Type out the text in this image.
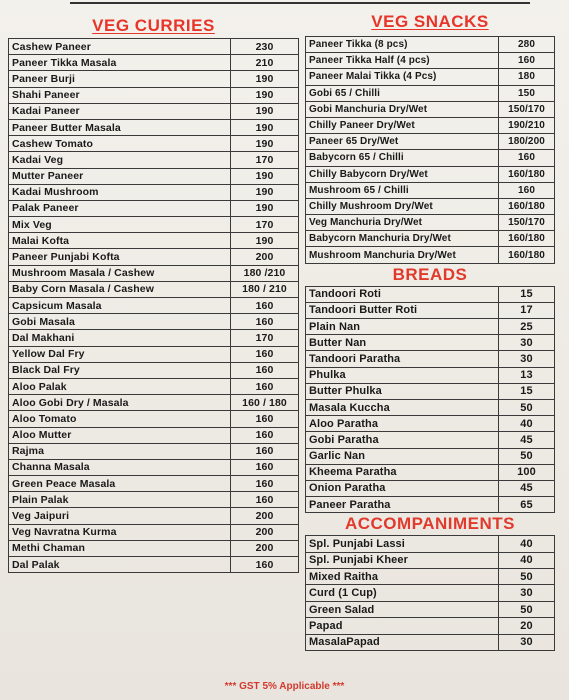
VEG CURRIES
Cashew Paneer	230
Paneer Tikka Masala	210
Paneer Burji	190
Shahi Paneer	190
Kadai Paneer	190
Paneer Butter Masala	190
Cashew Tomato	190
Kadai Veg	170
Mutter Paneer	190
Kadai Mushroom	190
Palak Paneer	190
Mix Veg	170
Malai Kofta	190
Paneer Punjabi Kofta	200
Mushroom Masala / Cashew	180 /210
Baby Corn Masala / Cashew	180 / 210
Capsicum Masala	160
Gobi Masala	160
Dal Makhani	170
Yellow Dal Fry	160
Black Dal Fry	160
Aloo Palak	160
Aloo Gobi Dry / Masala	160 / 180
Aloo Tomato	160
Aloo Mutter	160
Rajma	160
Channa Masala	160
Green Peace Masala	160
Plain Palak	160
Veg Jaipuri	200
Veg Navratna Kurma	200
Methi Chaman	200
Dal Palak	160
VEG SNACKS
Paneer Tikka (8 pcs)	280
Paneer Tikka Half (4 pcs)	160
Paneer Malai Tikka (4 Pcs)	180
Gobi 65 / Chilli	150
Gobi Manchuria Dry/Wet	150/170
Chilly Paneer Dry/Wet	190/210
Paneer 65 Dry/Wet	180/200
Babycorn 65 / Chilli	160
Chilly Babycorn Dry/Wet	160/180
Mushroom 65 / Chilli	160
Chilly Mushroom Dry/Wet	160/180
Veg Manchuria Dry/Wet	150/170
Babycorn Manchuria Dry/Wet	160/180
Mushroom Manchuria Dry/Wet	160/180
BREADS
Tandoori Roti	15
Tandoori Butter Roti	17
Plain Nan	25
Butter Nan	30
Tandoori Paratha	30
Phulka	13
Butter Phulka	15
Masala Kuccha	50
Aloo Paratha	40
Gobi Paratha	45
Garlic Nan	50
Kheema Paratha	100
Onion Paratha	45
Paneer Paratha	65
ACCOMPANIMENTS
Spl. Punjabi Lassi	40
Spl. Punjabi Kheer	40
Mixed Raitha	50
Curd (1 Cup)	30
Green Salad	50
Papad	20
MasalaPapad	30
*** GST 5% Applicable ***
